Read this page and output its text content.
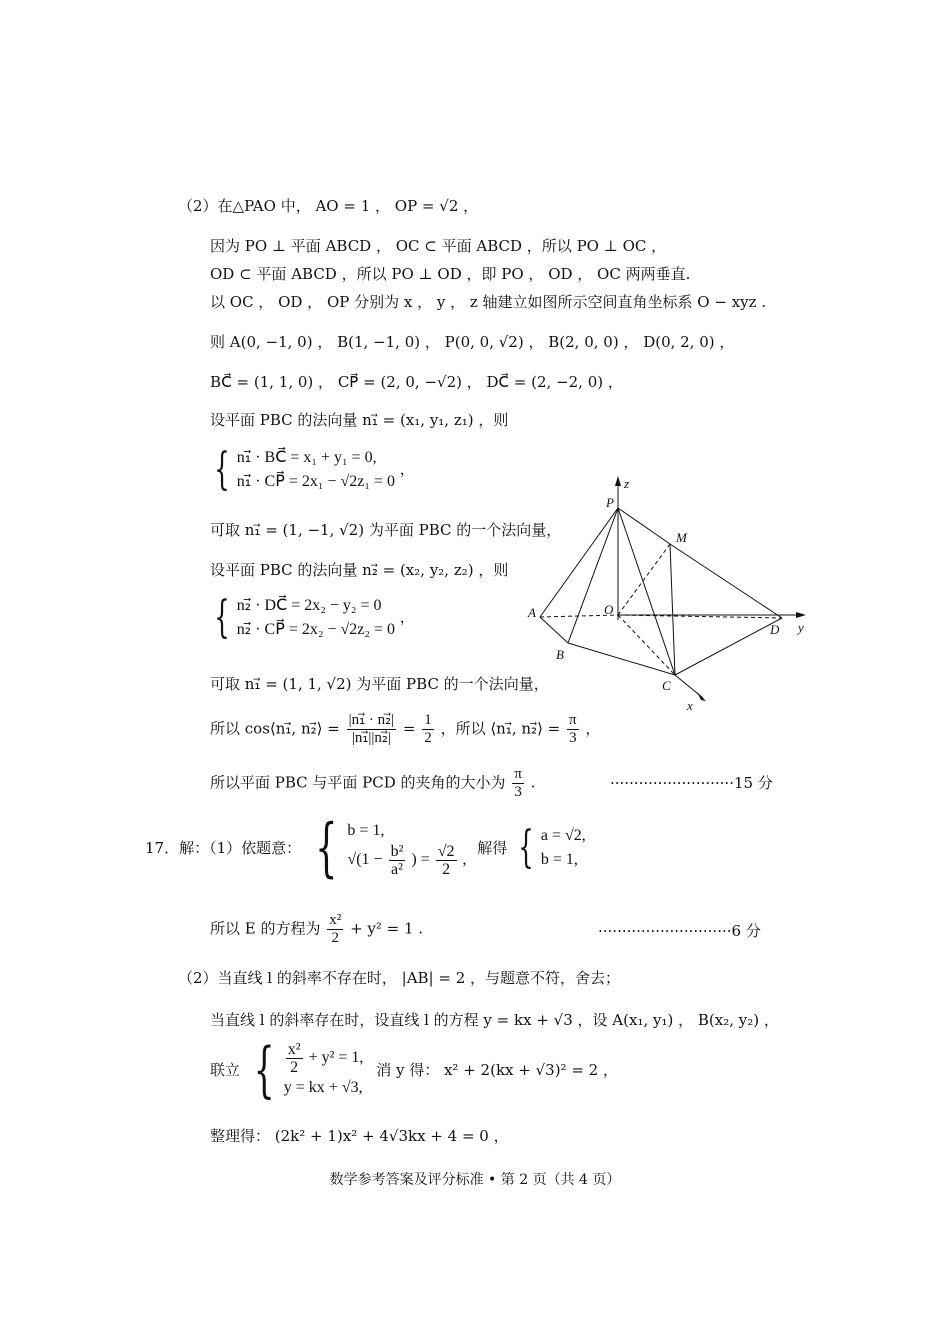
（2）在△PAO 中， AO = 1 ， OP = √2 ，
因为 PO ⊥ 平面 ABCD ， OC ⊂ 平面 ABCD ，所以 PO ⊥ OC ，
OD ⊂ 平面 ABCD ，所以 PO ⊥ OD ，即 PO ， OD ， OC 两两垂直.
以 OC ， OD ， OP 分别为 x ， y ， z 轴建立如图所示空间直角坐标系 O − xyz .
则 A(0, −1, 0) ， B(1, −1, 0) ， P(0, 0, √2) ， B(2, 0, 0) ， D(0, 2, 0) ，
BC⃗ = (1, 1, 0) ， CP⃗ = (2, 0, −√2) ， DC⃗ = (2, −2, 0) ，
设平面 PBC 的法向量 n₁⃗ = (x₁, y₁, z₁) ，则
{ n₁⃗ · BC⃗ = x₁ + y₁ = 0,
n₁⃗ · CP⃗ = 2x₁ − √2z₁ = 0
，
可取 n₁⃗ = (1, −1, √2) 为平面 PBC 的一个法向量，
设平面 PBC 的法向量 n₂⃗ = (x₂, y₂, z₂) ，则
{ n₂⃗ · DC⃗ = 2x₂ − y₂ = 0
n₂⃗ · CP⃗ = 2x₂ − √2z₂ = 0
，
可取 n₁⃗ = (1, 1, √2) 为平面 PBC 的一个法向量，
所以 cos⟨n₁⃗, n₂⃗⟩ = $\frac{\text{|n₁⃗ · n₂⃗|}}{\text{|n₁⃗||n₂⃗|}} = \frac{1}{2}$ ，所以 ⟨n₁⃗, n₂⃗⟩ = $\frac{\pi}{3}$ ，
所以平面 PBC 与平面 PCD 的夹角的大小为 $\frac{\pi}{3}$ .	··························15 分
17．解：（1）依题意： { b = 1,
$√(1 - \frac{\text{b²}}{\text{a²}}$ ) = $\frac{√2}{2}$ ,
解得 { a = √2,
b = 1,
所以 E 的方程为 $\frac{\text{x²}}{2} + y^2 = 1$ .	····························6 分
（2）当直线 l 的斜率不存在时， |AB| = 2 ，与题意不符，舍去；
当直线 l 的斜率存在时，设直线 l 的方程 y = kx + √3 ，设 A(x₁, y₁) ， B(x₂, y₂) ，
联立 { $\frac{\text{x²}}{2} + y^2 = 1$,
y = kx + √3,
消 y 得： x² + 2(kx + √3)² = 2 ，
整理得： (2k² + 1)x² + 4√3kx + 4 = 0 ，
z
P
M
A	O
D y
B
C
x
数学参考答案及评分标准 • 第 2 页（共 4 页）
